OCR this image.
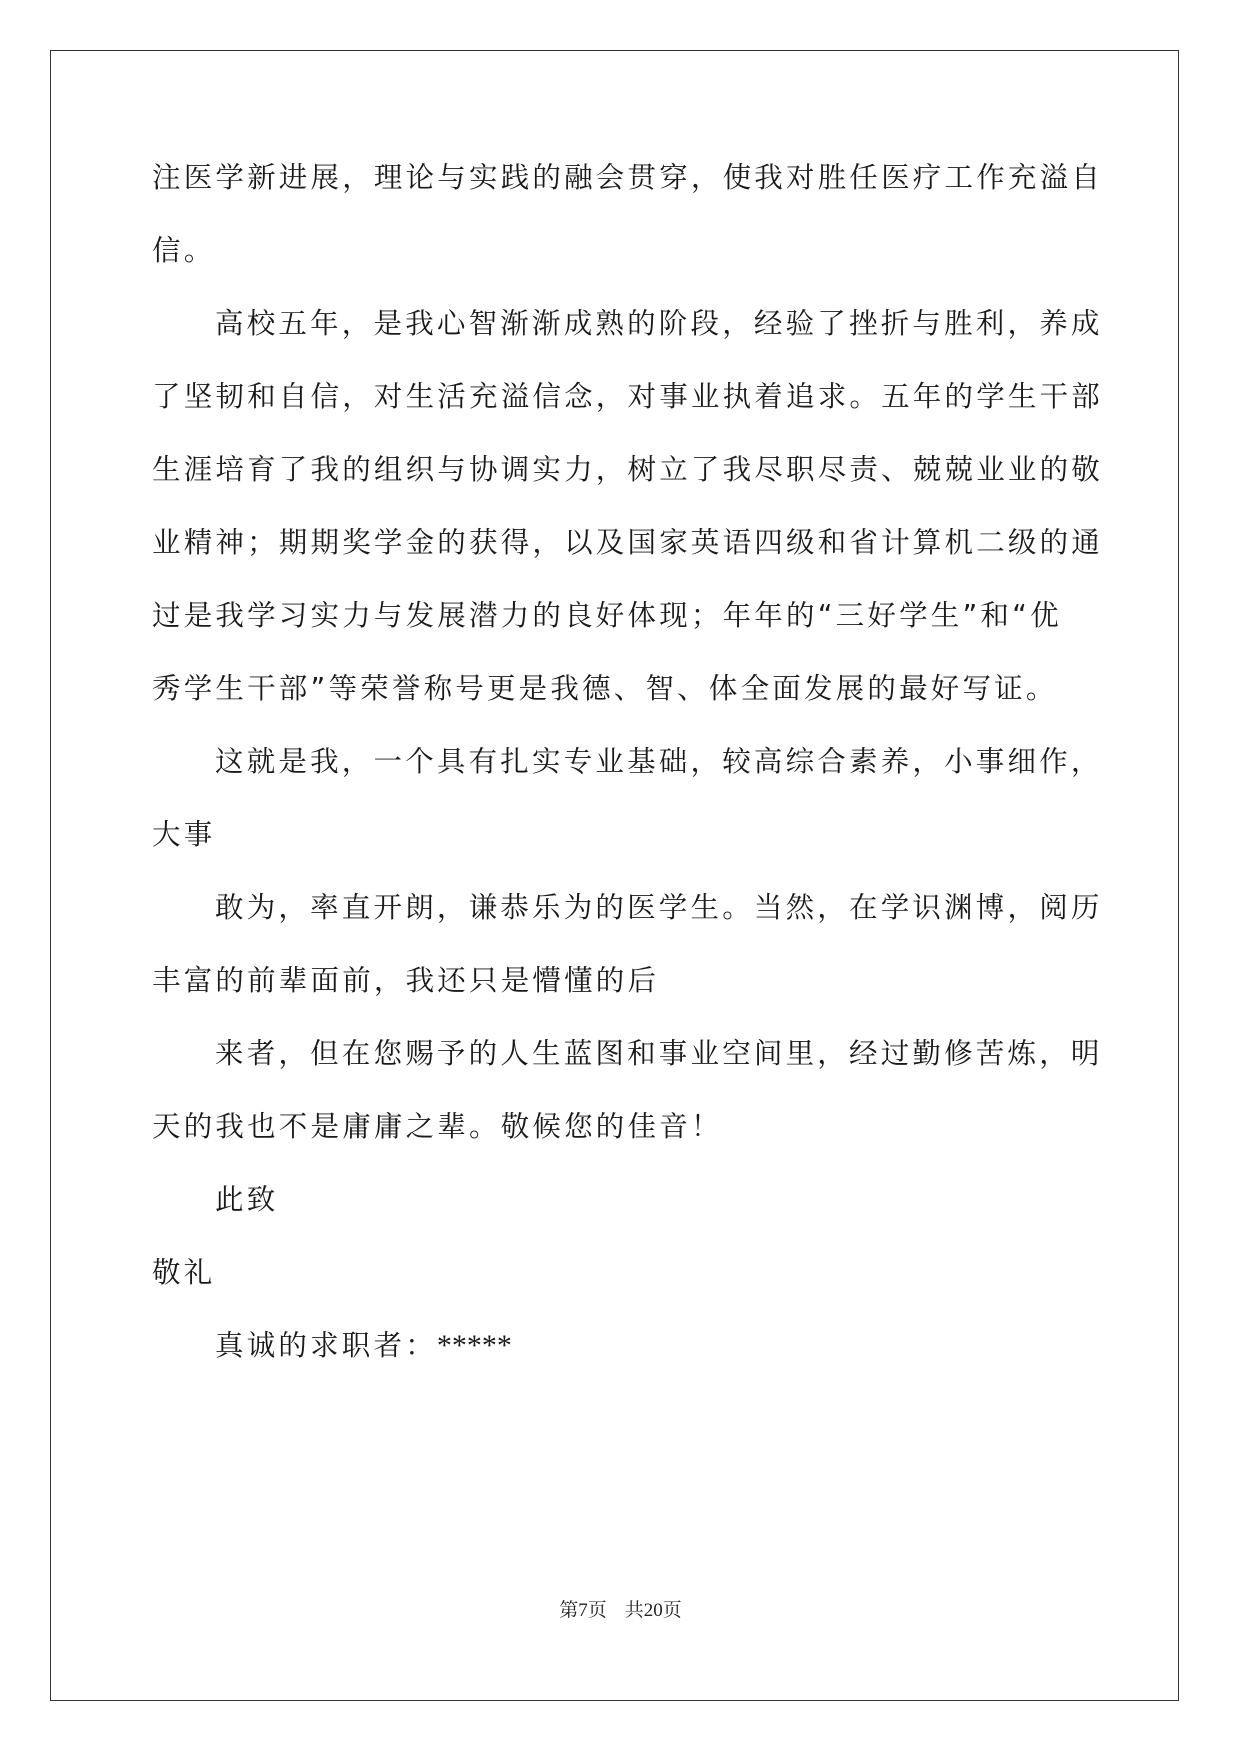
注医学新进展，理论与实践的融会贯穿，使我对胜任医疗工作充溢自
信。
高校五年，是我心智渐渐成熟的阶段，经验了挫折与胜利，养成
了坚韧和自信，对生活充溢信念，对事业执着追求。五年的学生干部
生涯培育了我的组织与协调实力，树立了我尽职尽责、兢兢业业的敬
业精神；期期奖学金的获得，以及国家英语四级和省计算机二级的通
过是我学习实力与发展潜力的良好体现；年年的“三好学生”和“优
秀学生干部”等荣誉称号更是我德、智、体全面发展的最好写证。
这就是我，一个具有扎实专业基础，较高综合素养，小事细作，
大事
敢为，率直开朗，谦恭乐为的医学生。当然，在学识渊博，阅历
丰富的前辈面前，我还只是懵懂的后
来者，但在您赐予的人生蓝图和事业空间里，经过勤修苦炼，明
天的我也不是庸庸之辈。敬候您的佳音！
此致
敬礼
真诚的求职者：*****
第7页 共20页
